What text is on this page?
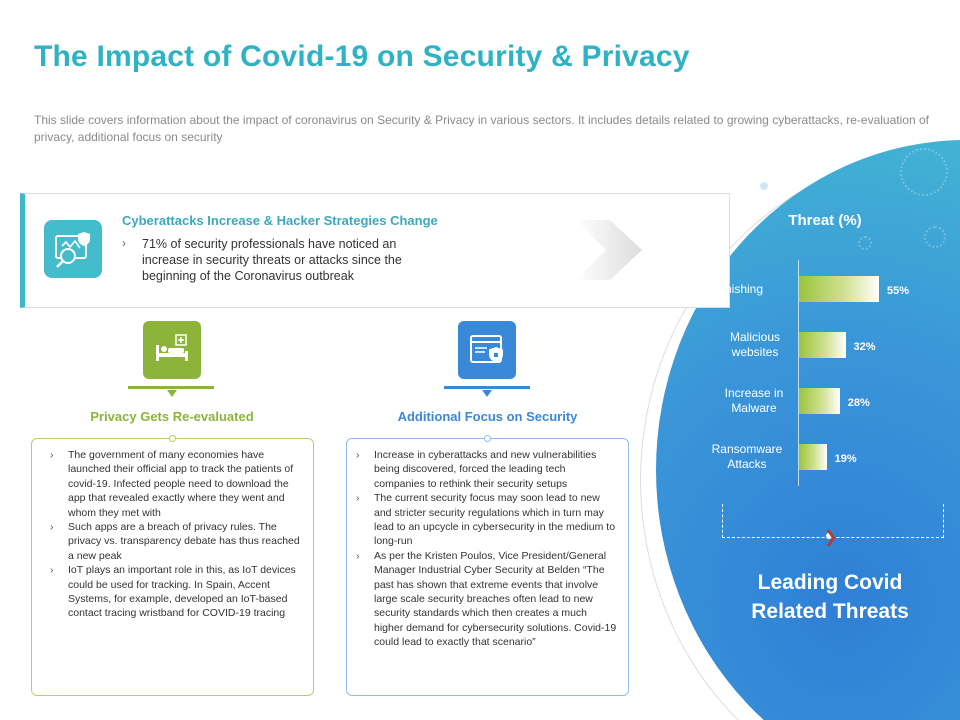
The Impact of Covid-19 on Security & Privacy
This slide covers information about the impact of coronavirus on Security & Privacy in various sectors. It includes details related to growing cyberattacks, re-evaluation of privacy, additional focus on security
Threat (%)
❯
Leading Covid Related Threats
Cyberattacks Increase & Hacker Strategies Change
› 71% of security professionals have noticed an increase in security threats or attacks since the beginning of the Coronavirus outbreak
Privacy Gets Re-evaluated
› The government of many economies have launched their official app to track the patients of covid-19. Infected people need to download the app that revealed exactly where they went and whom they met with
› Such apps are a breach of privacy rules. The privacy vs. transparency debate has thus reached a new peak
› IoT plays an important role in this, as IoT devices could be used for tracking. In Spain, Accent Systems, for example, developed an IoT-based contact tracing wristband for COVID-19 tracing
Additional Focus on Security
› Increase in cyberattacks and new vulnerabilities being discovered, forced the leading tech companies to rethink their security setups
› The current security focus may soon lead to new and stricter security regulations which in turn may lead to an upcycle in cybersecurity in the medium to long-run
› As per the Kristen Poulos, Vice President/General Manager Industrial Cyber Security at Belden “The past has shown that extreme events that involve large scale security breaches often lead to new security standards which then creates a much higher demand for cybersecurity solutions. Covid-19 could lead to exactly that scenario”
Phishing	55%
Malicious websites	32%
Increase in Malware	28%
Ransomware Attacks	19%
